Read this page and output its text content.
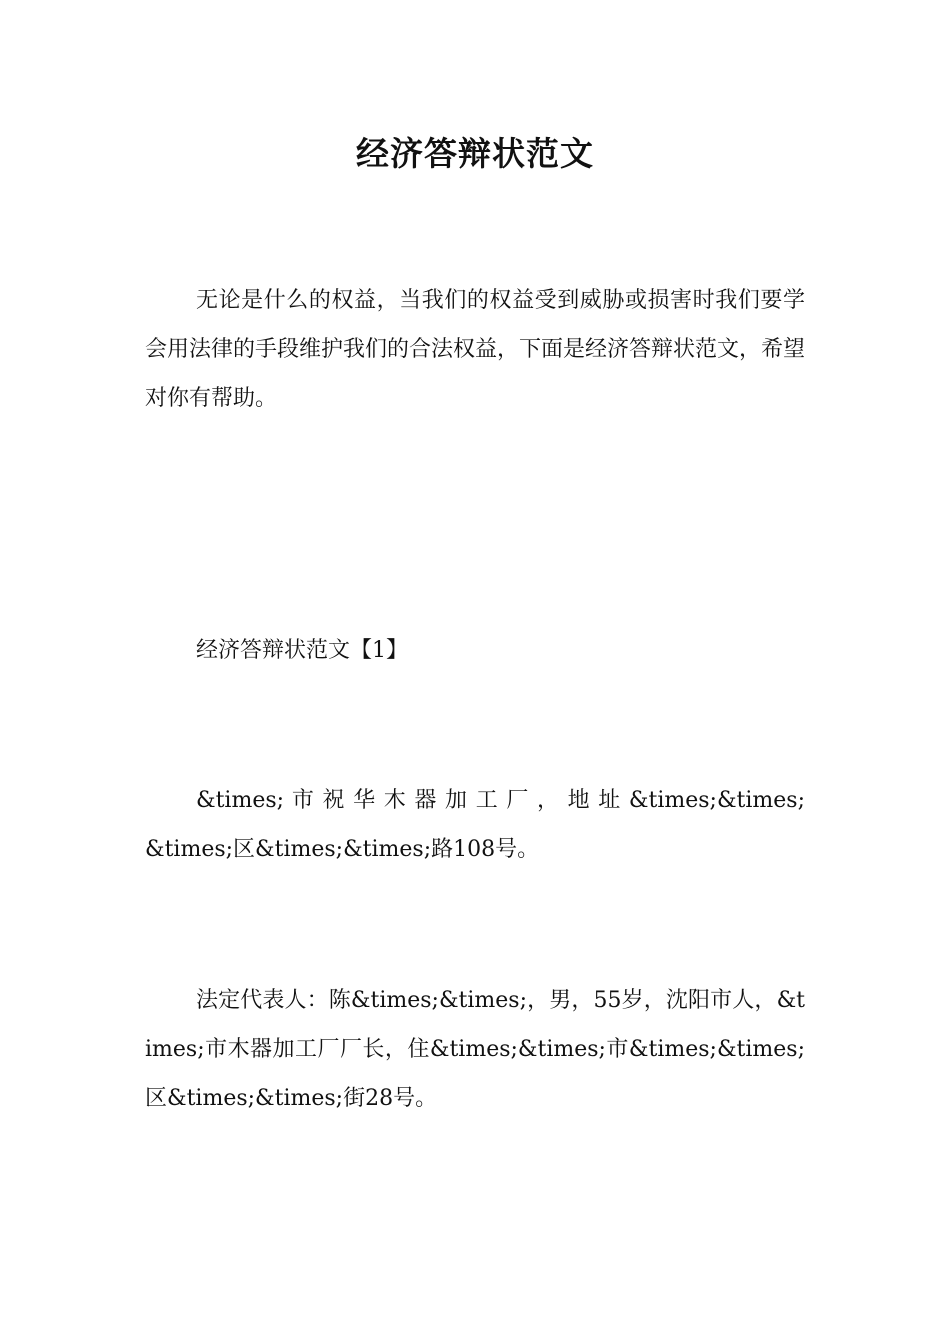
经济答辩状范文

无论是什么的权益，当我们的权益受到威胁或损害时我们要学会用法律的手段维护我们的合法权益，下面是经济答辩状范文，希望对你有帮助。

经济答辩状范文【1】

&times; 市 祝 华 木 器 加 工 厂 ， 地 址 &times;&times;&times;区&times;&times;路108号。

法定代表人：陈&times;&times;，男，55岁，沈阳市人，&times;市木器加工厂厂长，住&times;&times;市&times;&times;区&times;&times;街28号。
